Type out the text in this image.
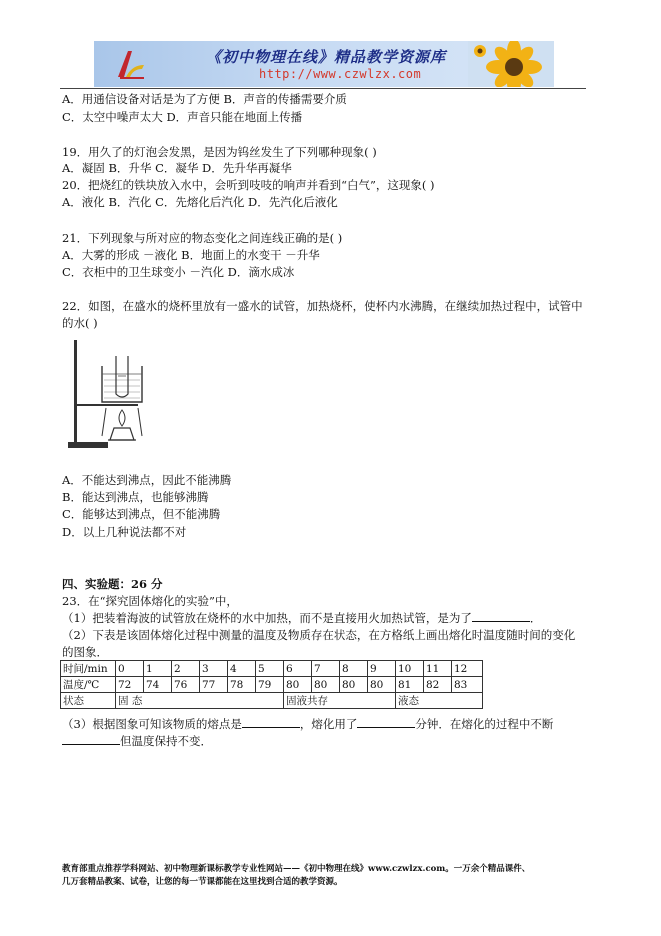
《初中物理在线》精品教学资源库
http://www.czwlzx.com
A．用通信设备对话是为了方便 B．声音的传播需要介质
C．太空中噪声太大 D．声音只能在地面上传播
19．用久了的灯泡会发黑，是因为钨丝发生了下列哪种现象( )
A．凝固 B．升华 C．凝华 D．先升华再凝华
20．把烧红的铁块放入水中，会听到吱吱的响声并看到“白气”，这现象( )
A．液化 B．汽化 C．先熔化后汽化 D．先汽化后液化
21．下列现象与所对应的物态变化之间连线正确的是( )
A．大雾的形成 －液化 B．地面上的水变干 －升华
C．衣柜中的卫生球变小 －汽化 D．滴水成冰
22．如图，在盛水的烧杯里放有一盛水的试管，加热烧杯，使杯内水沸腾，在继续加热过程中，试管中
的水( )
A．不能达到沸点，因此不能沸腾
B．能达到沸点，也能够沸腾
C．能够达到沸点，但不能沸腾
D．以上几种说法都不对
四、实验题：26 分
23．在“探究固体熔化的实验”中，
（1）把装着海波的试管放在烧杯的水中加热，而不是直接用火加热试管，是为了	．
（2）下表是该固体熔化过程中测量的温度及物质存在状态，在方格纸上画出熔化时温度随时间的变化
的图象．
时间/min	0	1	2	3	4	5	6	7	8	9	10	11	12
温度/℃	72	74	76	77	78	79	80	80	80	80	81	82	83
状态	固 态						固液共存				液态		
（3）根据图象可知该物质的熔点是	，熔化用了	分钟．在熔化的过程中不断
但温度保持不变．
教育部重点推荐学科网站、初中物理新课标教学专业性网站——《初中物理在线》www.czwlzx.com。一万余个精品课件、
几万套精品教案、试卷，让您的每一节课都能在这里找到合适的教学资源。
